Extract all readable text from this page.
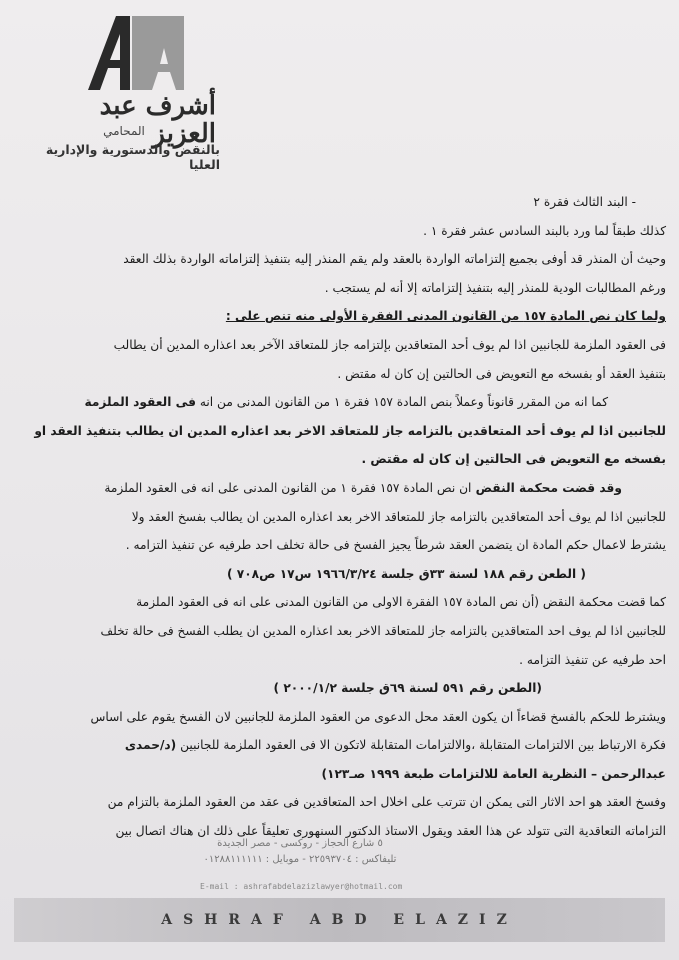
أشرف عبد العزيز
المحامي
بالنقض والدستورية والإدارية العليا

- البند الثالث فقرة ٢

كذلك طبقاً لما ورد بالبند السادس عشر فقرة ١ .

وحيث أن المنذر قد أوفى بجميع إلتزاماته الواردة بالعقد ولم يقم المنذر إليه بتنفيذ إلتزاماته الواردة بذلك العقد

ورغم المطالبات الودية للمنذر إليه بتنفيذ إلتزاماته إلا أنه لم يستجب .

ولما كان نص المادة ١٥٧ من القانون المدنى الفقرة الأولى منه تنص على :

فى العقود الملزمة للجانبين اذا لم يوف أحد المتعاقدين بإلتزامه جاز للمتعاقد الآخر بعد اعذاره المدين أن يطالب

بتنفيذ العقد أو بفسخه مع التعويض فى الحالتين إن كان له مقتض .

كما انه من المقرر قانوناً وعملاً بنص المادة ١٥٧ فقرة ١ من القانون المدنى من انه فى العقود الملزمة

للجانبين اذا لم يوف أحد المتعاقدين بالتزامه جاز للمتعاقد الاخر بعد اعذاره المدين ان يطالب بتنفيذ العقد او

بفسخه مع التعويض فى الحالتين إن كان له مقتض .

وقد قضت محكمة النقض ان نص المادة ١٥٧ فقرة ١ من القانون المدنى على انه فى العقود الملزمة

للجانبين اذا لم يوف أحد المتعاقدين بالتزامه جاز للمتعاقد الاخر بعد اعذاره المدين ان يطالب بفسخ العقد ولا

يشترط لاعمال حكم المادة ان يتضمن العقد شرطاً يجيز الفسخ فى حالة تخلف احد طرفيه عن تنفيذ التزامه .

( الطعن رقم ١٨٨ لسنة ٣٣ق جلسة ١٩٦٦/٣/٢٤ س١٧ ص٧٠٨ )

كما قضت محكمة النقض (أن نص المادة ١٥٧ الفقرة الاولى من القانون المدنى على انه فى العقود الملزمة

للجانبين اذا لم يوف احد المتعاقدين بالتزامه جاز للمتعاقد الاخر بعد اعذاره المدين ان يطلب الفسخ فى حالة تخلف

احد طرفيه عن تنفيذ التزامه .

(الطعن رقم ٥٩١ لسنة ٦٩ق جلسة ٢٠٠٠/١/٢ )

ويشترط للحكم بالفسخ قضاءاً ان يكون العقد محل الدعوى من العقود الملزمة للجانبين لان الفسخ يقوم على اساس

فكرة الارتباط بين الالتزامات المتقابلة ،والالتزامات المتقابلة لاتكون الا فى العقود الملزمة للجانبين (د/حمدى

عبدالرحمن – النظرية العامة للالتزامات طبعة ١٩٩٩ صـ١٢٣)

وفسخ العقد هو احد الاثار التى يمكن ان تترتب على اخلال احد المتعاقدين فى عقد من العقود الملزمة بالتزام من

التزاماته التعاقدية التى تتولد عن هذا العقد ويقول الاستاذ الدكتور السنهورى تعليقاً على ذلك ان هناك اتصال بين

٥ شارع الحجاز - روكسى - مصر الجديدة
تليفاكس : ٢٢٥٩٣٧٠٤ - موبايل : ٠١٢٨٨١١١١١١
E-mail : ashrafabdelazizlawyer@hotmail.com
ASHRAF ABD ELAZIZ
